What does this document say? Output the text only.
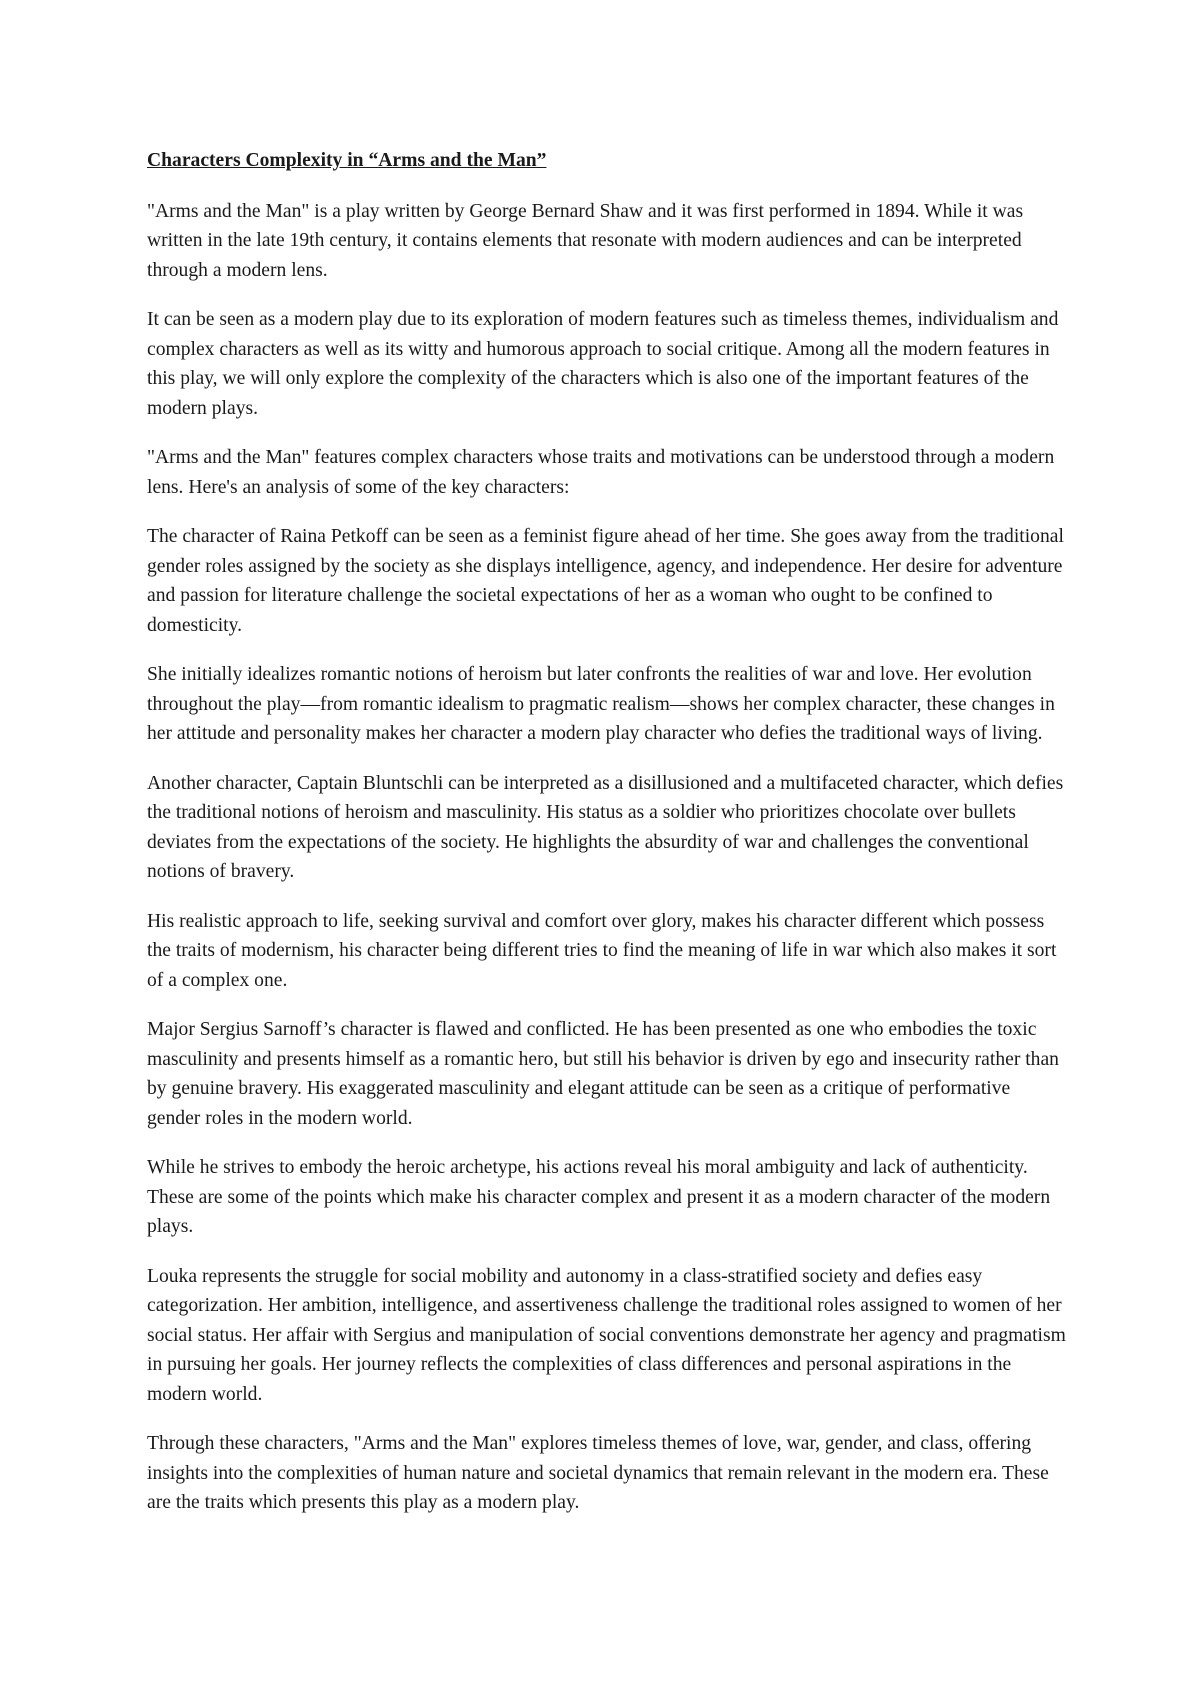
Characters Complexity in “Arms and the Man”

"Arms and the Man" is a play written by George Bernard Shaw and it was first performed in 1894. While it was written in the late 19th century, it contains elements that resonate with modern audiences and can be interpreted through a modern lens.

It can be seen as a modern play due to its exploration of modern features such as timeless themes, individualism and complex characters as well as its witty and humorous approach to social critique. Among all the modern features in this play, we will only explore the complexity of the characters which is also one of the important features of the modern plays.

"Arms and the Man" features complex characters whose traits and motivations can be understood through a modern lens. Here's an analysis of some of the key characters:

The character of Raina Petkoff can be seen as a feminist figure ahead of her time. She goes away from the traditional gender roles assigned by the society as she displays intelligence, agency, and independence. Her desire for adventure and passion for literature challenge the societal expectations of her as a woman who ought to be confined to domesticity.

She initially idealizes romantic notions of heroism but later confronts the realities of war and love. Her evolution throughout the play—from romantic idealism to pragmatic realism—shows her complex character, these changes in her attitude and personality makes her character a modern play character who defies the traditional ways of living.

Another character, Captain Bluntschli can be interpreted as a disillusioned and a multifaceted character, which defies the traditional notions of heroism and masculinity. His status as a soldier who prioritizes chocolate over bullets deviates from the expectations of the society. He highlights the absurdity of war and challenges the conventional notions of bravery.

His realistic approach to life, seeking survival and comfort over glory, makes his character different which possess the traits of modernism, his character being different tries to find the meaning of life in war which also makes it sort of a complex one.

Major Sergius Sarnoff’s character is flawed and conflicted. He has been presented as one who embodies the toxic masculinity and presents himself as a romantic hero, but still his behavior is driven by ego and insecurity rather than by genuine bravery. His exaggerated masculinity and elegant attitude can be seen as a critique of performative gender roles in the modern world.

While he strives to embody the heroic archetype, his actions reveal his moral ambiguity and lack of authenticity. These are some of the points which make his character complex and present it as a modern character of the modern plays.

Louka represents the struggle for social mobility and autonomy in a class-stratified society and defies easy categorization. Her ambition, intelligence, and assertiveness challenge the traditional roles assigned to women of her social status. Her affair with Sergius and manipulation of social conventions demonstrate her agency and pragmatism in pursuing her goals. Her journey reflects the complexities of class differences and personal aspirations in the modern world.

Through these characters, "Arms and the Man" explores timeless themes of love, war, gender, and class, offering insights into the complexities of human nature and societal dynamics that remain relevant in the modern era. These are the traits which presents this play as a modern play.
